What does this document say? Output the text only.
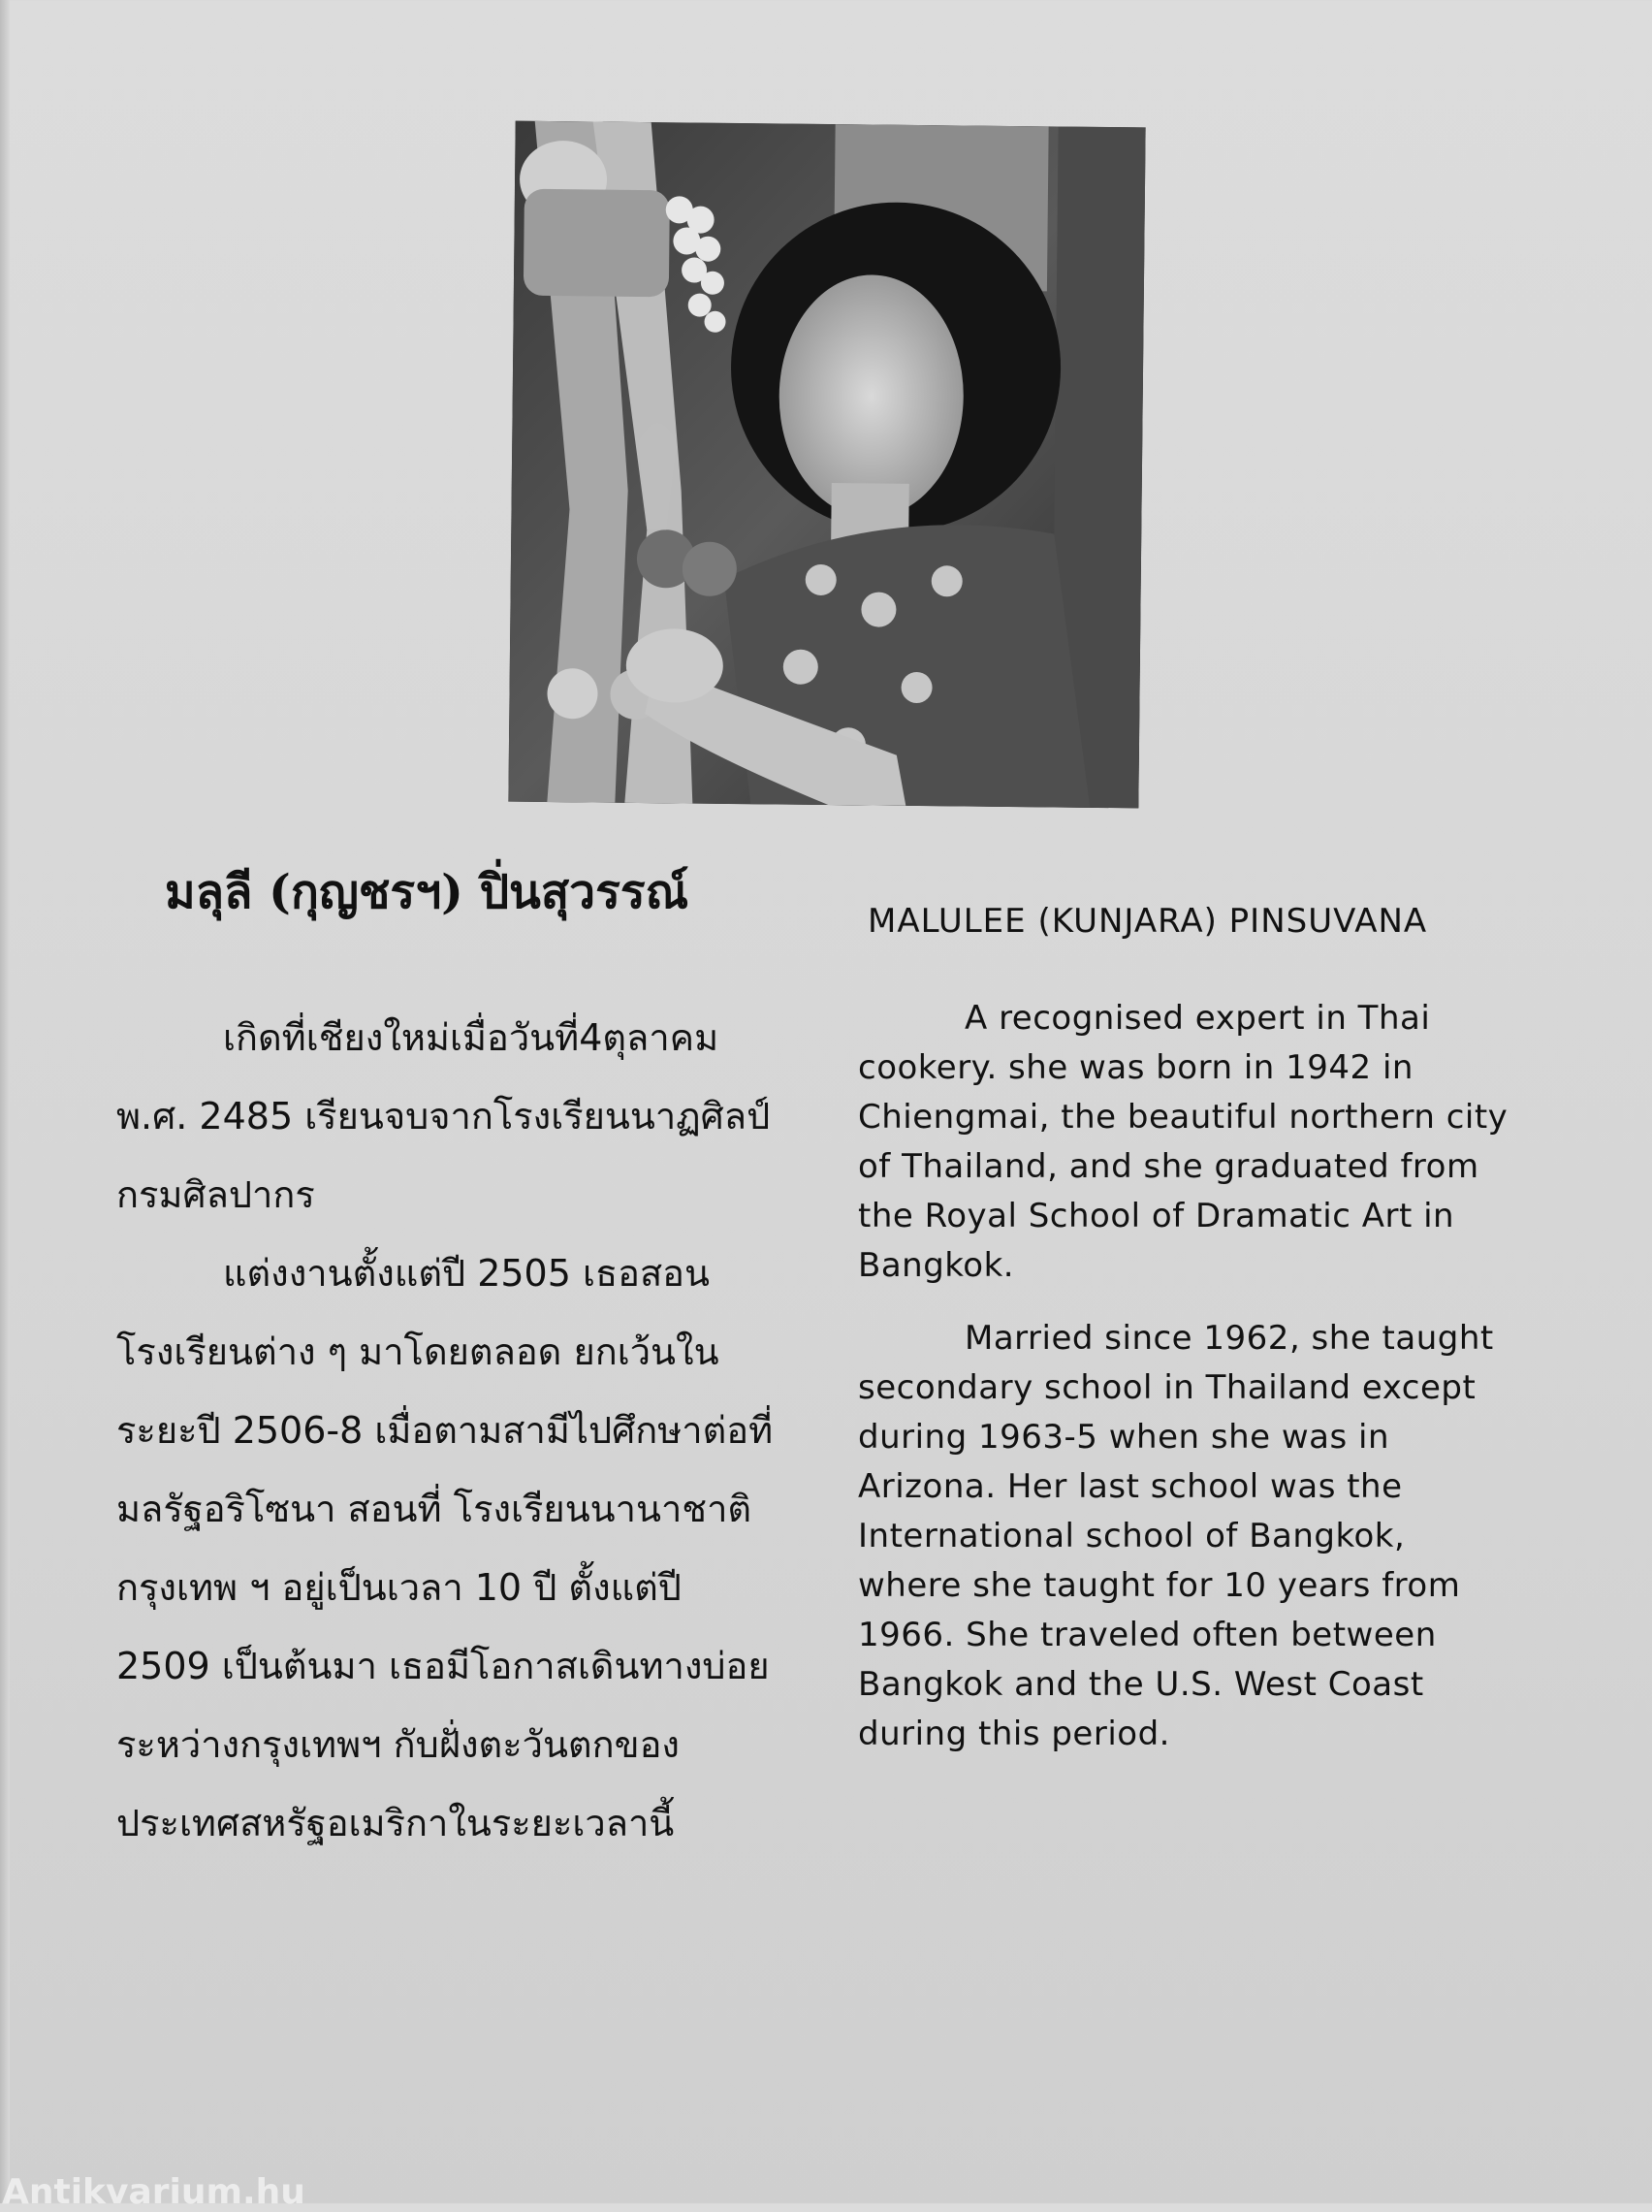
มลุลี (กุญชรฯ) ปิ่นสุวรรณ์
MALULEE (KUNJARA) PINSUVANA

เกิดที่เชียงใหม่เมื่อวันที่4ตุลาคม พ.ศ. 2485 เรียนจบจากโรงเรียนนาฏศิลป์กรมศิลปากร

แต่งงานตั้งแต่ปี 2505 เธอสอนโรงเรียนต่าง ๆ มาโดยตลอด ยกเว้นในระยะปี 2506-8 เมื่อตามสามีไปศึกษาต่อที่ มลรัฐอริโซนา สอนที่ โรงเรียนนานาชาติกรุงเทพ ฯ อยู่เป็นเวลา 10 ปี ตั้งแต่ปี 2509 เป็นต้นมา เธอมีโอกาสเดินทางบ่อยระหว่างกรุงเทพฯ กับฝั่งตะวันตกของประเทศสหรัฐอเมริกาในระยะเวลานี้

A recognised expert in Thai cookery. she was born in 1942 in Chiengmai, the beautiful northern city of Thailand, and she graduated from the Royal School of Dramatic Art in Bangkok.

Married since 1962, she taught secondary school in Thailand except during 1963-5 when she was in Arizona. Her last school was the International school of Bangkok, where she taught for 10 years from 1966. She traveled often between Bangkok and the U.S. West Coast during this period.

Antikvarium.hu
